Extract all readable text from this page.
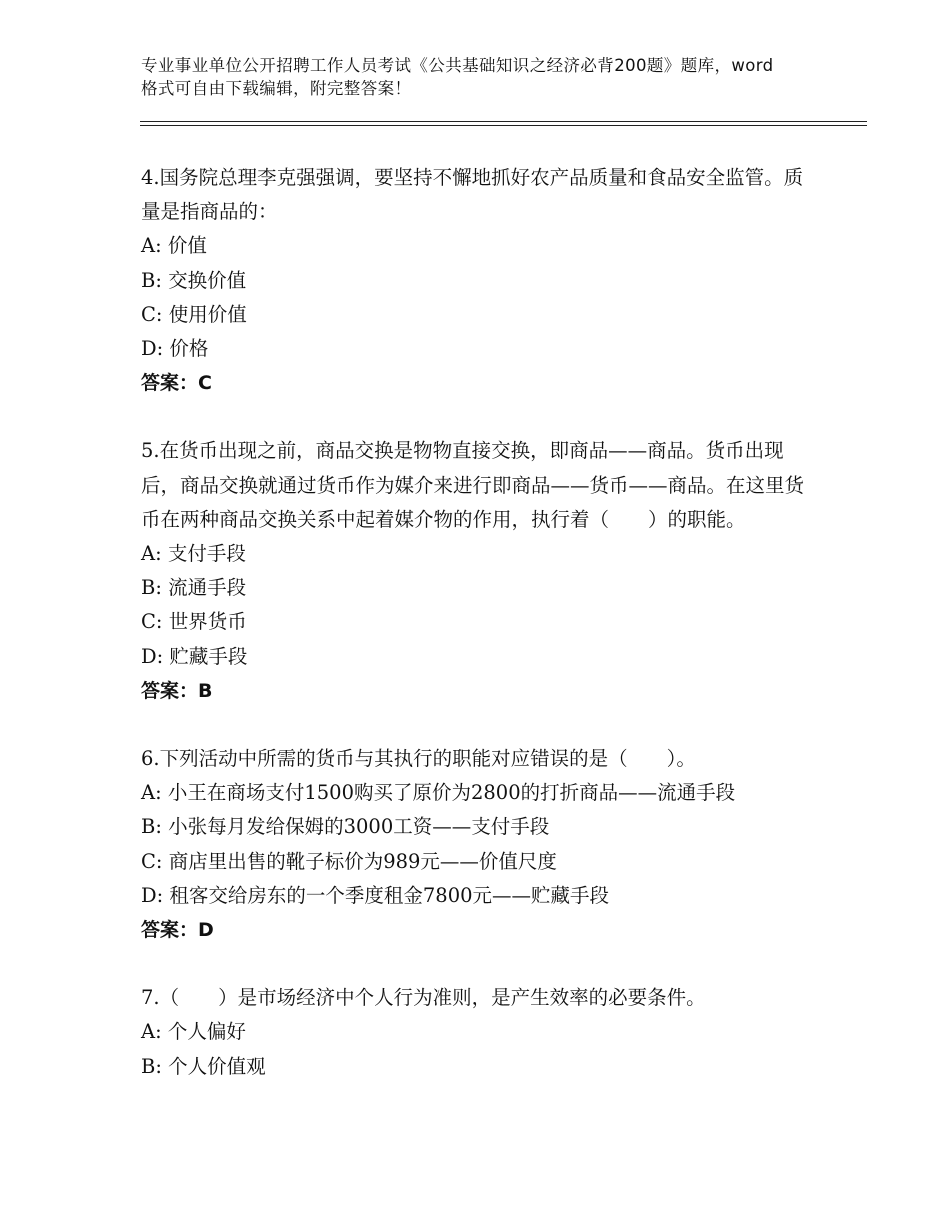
专业事业单位公开招聘工作人员考试《公共基础知识之经济必背200题》题库，word格式可自由下载编辑，附完整答案！
4.国务院总理李克强强调，要坚持不懈地抓好农产品质量和食品安全监管。质量是指商品的：
A: 价值
B: 交换价值
C: 使用价值
D: 价格
答案：C
5.在货币出现之前，商品交换是物物直接交换，即商品——商品。货币出现后，商品交换就通过货币作为媒介来进行即商品——货币——商品。在这里货币在两种商品交换关系中起着媒介物的作用，执行着（　　）的职能。
A: 支付手段
B: 流通手段
C: 世界货币
D: 贮藏手段
答案：B
6.下列活动中所需的货币与其执行的职能对应错误的是（　　）。
A: 小王在商场支付1500购买了原价为2800的打折商品——流通手段
B: 小张每月发给保姆的3000工资——支付手段
C: 商店里出售的靴子标价为989元——价值尺度
D: 租客交给房东的一个季度租金7800元——贮藏手段
答案：D
7.（　　）是市场经济中个人行为准则，是产生效率的必要条件。
A: 个人偏好
B: 个人价值观
